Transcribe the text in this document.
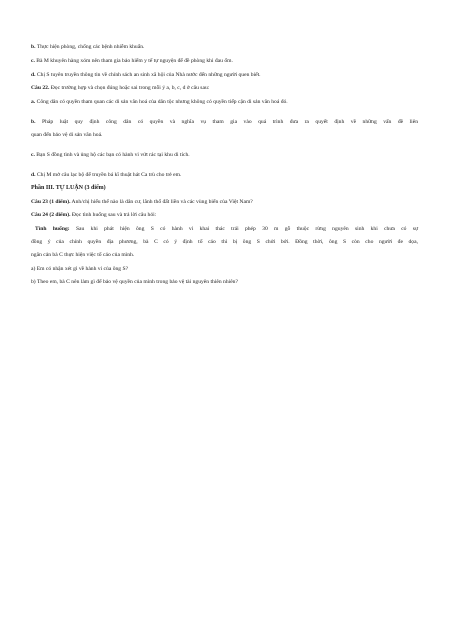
b. Thực hiện phòng, chống các bệnh nhiễm khuẩn.
c. Bà M khuyên hàng xóm nên tham gia bảo hiểm y tế tự nguyện để đề phòng khi đau ốm.
d. Chị S tuyên truyền thông tin về chính sách an sinh xã hội của Nhà nước đến những người quen biết.
Câu 22. Đọc trường hợp và chọn đúng hoặc sai trong mỗi ý a, b, c, d ở câu sau:
a. Công dân có quyền tham quan các di sản văn hoá của dân tộc nhưng không có quyền tiếp cận di sản văn hoá đó.
b. Pháp luật quy định công dân có quyền và nghĩa vụ tham gia vào quá trình đưa ra quyết định về những vấn đề liên
quan đến bảo vệ di sản văn hoá.
c. Bạn S đồng tình và ủng hộ các bạn có hành vi vứt rác tại khu di tích.
d. Chị M mở câu lạc bộ để truyền bá kĩ thuật hát Ca trù cho trẻ em.
Phần III. TỰ LUẬN (3 điểm)
Câu 23 (1 điểm). Anh/chị hiểu thế nào là dân cư, lãnh thổ đất liền và các vùng biển của Việt Nam?
Câu 24 (2 điểm). Đọc tình huống sau và trả lời câu hỏi:
Tình huống: Sau khi phát hiện ông S có hành vi khai thác trái phép 30 m gỗ thuộc rừng nguyên sinh khi chưa có sự
đồng ý của chính quyền địa phương, bà C có ý định tố cáo thì bị ông S chửi bới. Đồng thời, ông S còn cho người đe dọa,
ngăn cản bà C thực hiện việc tố cáo của mình.
a) Em có nhận xét gì về hành vi của ông S?
b) Theo em, bà C nên làm gì để bảo vệ quyền của mình trong bảo vệ tài nguyên thiên nhiên?
